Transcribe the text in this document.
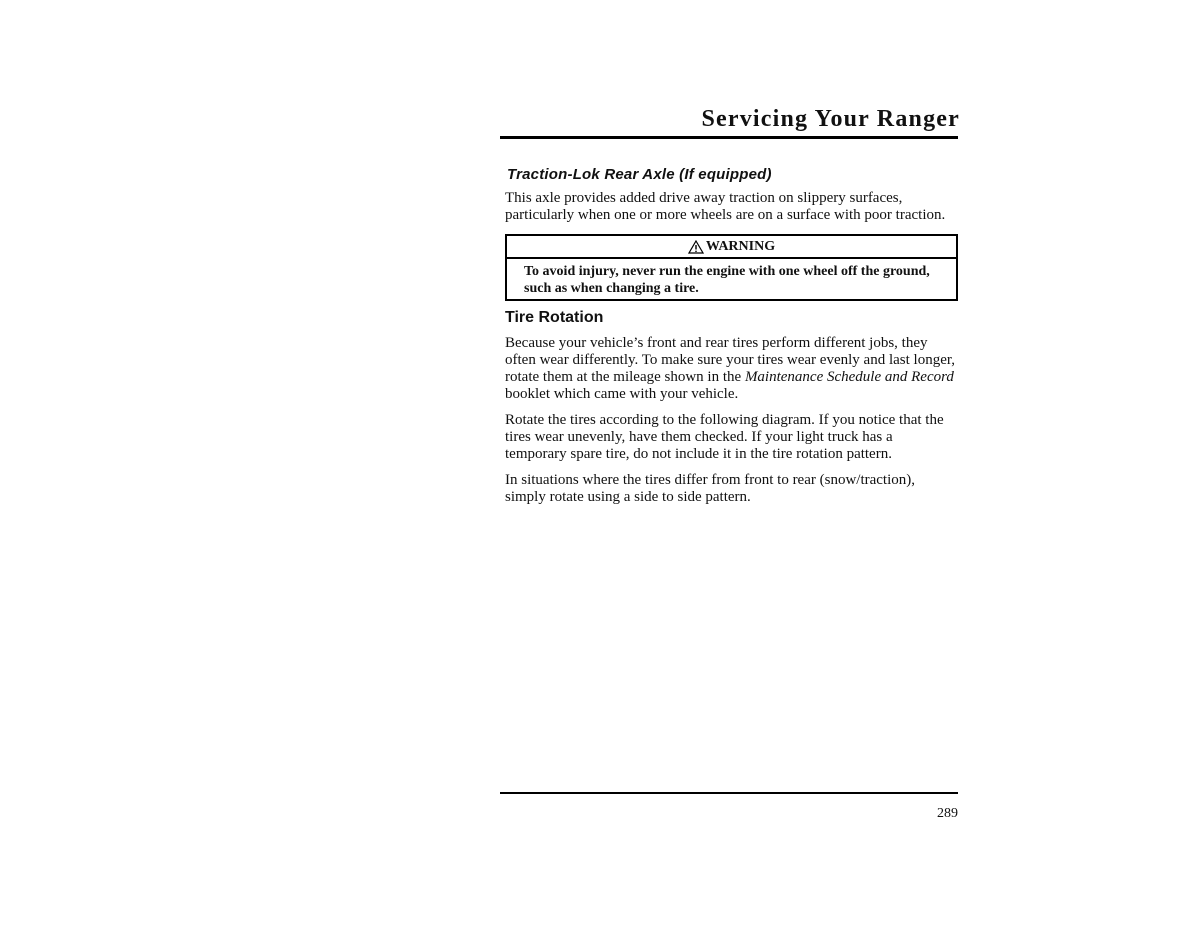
Servicing Your Ranger
Traction-Lok Rear Axle (If equipped)

This axle provides added drive away traction on slippery surfaces, particularly when one or more wheels are on a surface with poor traction.

WARNING
To avoid injury, never run the engine with one wheel off the ground, such as when changing a tire.
Tire Rotation

Because your vehicle’s front and rear tires perform different jobs, they often wear differently. To make sure your tires wear evenly and last longer, rotate them at the mileage shown in the Maintenance Schedule and Record booklet which came with your vehicle.

Rotate the tires according to the following diagram. If you notice that the tires wear unevenly, have them checked. If your light truck has a temporary spare tire, do not include it in the tire rotation pattern.

In situations where the tires differ from front to rear (snow/traction), simply rotate using a side to side pattern.

289
